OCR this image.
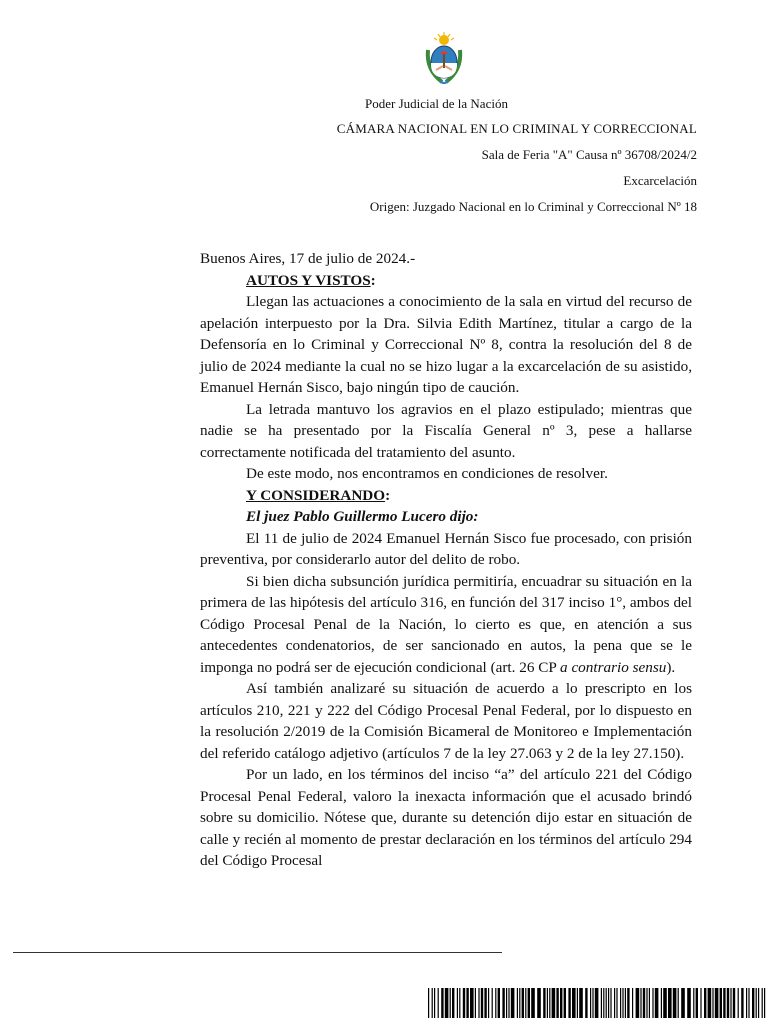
Poder Judicial de la Nación
CÁMARA NACIONAL EN LO CRIMINAL Y CORRECCIONAL
Sala de Feria "A" Causa nº 36708/2024/2
Excarcelación
Origen: Juzgado Nacional en lo Criminal y Correccional Nº 18

Buenos Aires, 17 de julio de 2024.-

AUTOS Y VISTOS:

Llegan las actuaciones a conocimiento de la sala en virtud del recurso de apelación interpuesto por la Dra. Silvia Edith Martínez, titular a cargo de la Defensoría en lo Criminal y Correccional Nº 8, contra la resolución del 8 de julio de 2024 mediante la cual no se hizo lugar a la excarcelación de su asistido, Emanuel Hernán Sisco, bajo ningún tipo de caución.

La letrada mantuvo los agravios en el plazo estipulado; mientras que nadie se ha presentado por la Fiscalía General nº 3, pese a hallarse correctamente notificada del tratamiento del asunto.

De este modo, nos encontramos en condiciones de resolver.

Y CONSIDERANDO:

El juez Pablo Guillermo Lucero dijo:

El 11 de julio de 2024 Emanuel Hernán Sisco fue procesado, con prisión preventiva, por considerarlo autor del delito de robo.

Si bien dicha subsunción jurídica permitiría, encuadrar su situación en la primera de las hipótesis del artículo 316, en función del 317 inciso 1°, ambos del Código Procesal Penal de la Nación, lo cierto es que, en atención a sus antecedentes condenatorios, de ser sancionado en autos, la pena que se le imponga no podrá ser de ejecución condicional (art. 26 CP a contrario sensu).

Así también analizaré su situación de acuerdo a lo prescripto en los artículos 210, 221 y 222 del Código Procesal Penal Federal, por lo dispuesto en la resolución 2/2019 de la Comisión Bicameral de Monitoreo e Implementación del referido catálogo adjetivo (artículos 7 de la ley 27.063 y 2 de la ley 27.150).

Por un lado, en los términos del inciso “a” del artículo 221 del Código Procesal Penal Federal, valoro la inexacta información que el acusado brindó sobre su domicilio. Nótese que, durante su detención dijo estar en situación de calle y recién al momento de prestar declaración en los términos del artículo 294 del Código Procesal
